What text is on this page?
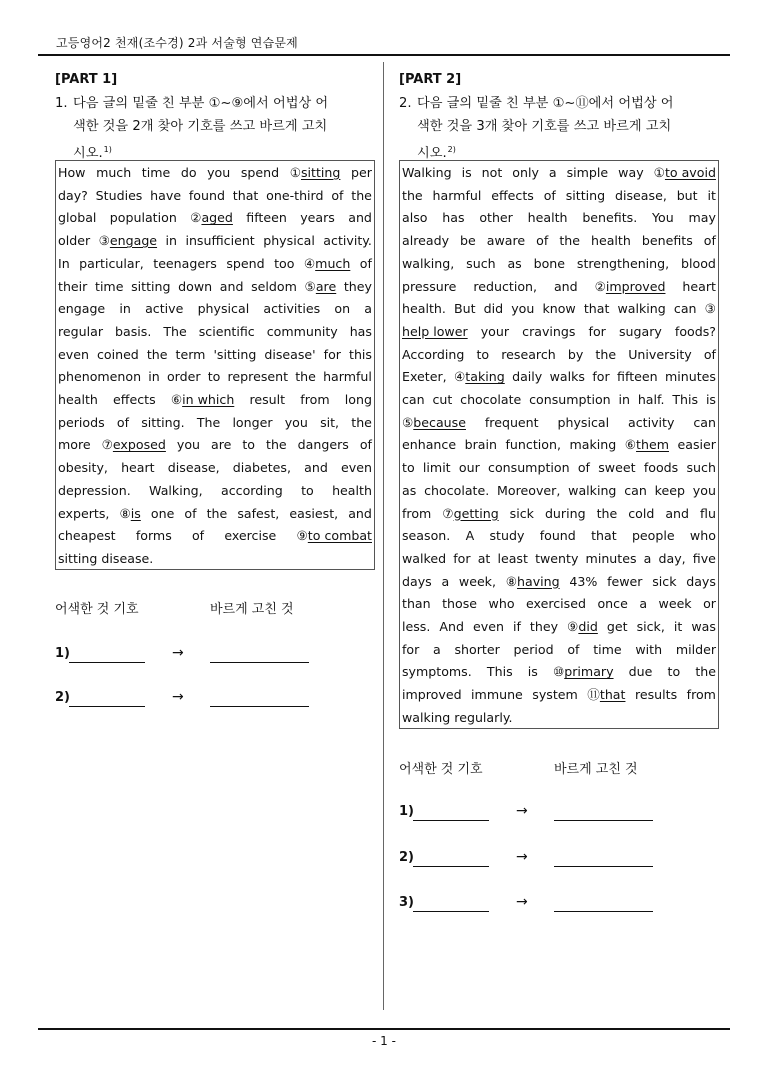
고등영어2 천재(조수경) 2과 서술형 연습문제
[PART 1]
1. 다음 글의 밑줄 친 부분 ①~⑨에서 어법상 어
색한 것을 2개 찾아 기호를 쓰고 바르게 고치
시오.$^{1)}$
How much time do you spend ①sitting per
day? Studies have found that one-third of the
global population ②aged fifteen years and
older ③engage in insufficient physical activity.
In particular, teenagers spend too ④much of
their time sitting down and seldom ⑤are they
engage in active physical activities on a
regular basis. The scientific community has
even coined the term 'sitting disease' for this
phenomenon in order to represent the harmful
health effects ⑥in which result from long
periods of sitting. The longer you sit, the
more ⑦exposed you are to the dangers of
obesity, heart disease, diabetes, and even
depression. Walking, according to health
experts, ⑧is one of the safest, easiest, and
cheapest forms of exercise ⑨to combat
sitting disease.
어색한 것 기호	바르게 고친 것
1)	→
2)	→
[PART 2]
2. 다음 글의 밑줄 친 부분 ①~⑪에서 어법상 어
색한 것을 3개 찾아 기호를 쓰고 바르게 고치
시오.$^{2)}$
Walking is not only a simple way ①to avoid
the harmful effects of sitting disease, but it
also has other health benefits. You may
already be aware of the health benefits of
walking, such as bone strengthening, blood
pressure reduction, and ②improved heart
health. But did you know that walking can ③
help lower your cravings for sugary foods?
According to research by the University of
Exeter, ④taking daily walks for fifteen minutes
can cut chocolate consumption in half. This is
⑤because frequent physical activity can
enhance brain function, making ⑥them easier
to limit our consumption of sweet foods such
as chocolate. Moreover, walking can keep you
from ⑦getting sick during the cold and flu
season. A study found that people who
walked for at least twenty minutes a day, five
days a week, ⑧having 43% fewer sick days
than those who exercised once a week or
less. And even if they ⑨did get sick, it was
for a shorter period of time with milder
symptoms. This is ⑩primary due to the
improved immune system ⑪that results from
walking regularly.
어색한 것 기호	바르게 고친 것
1)	→
2)	→
3)	→
- 1 -
